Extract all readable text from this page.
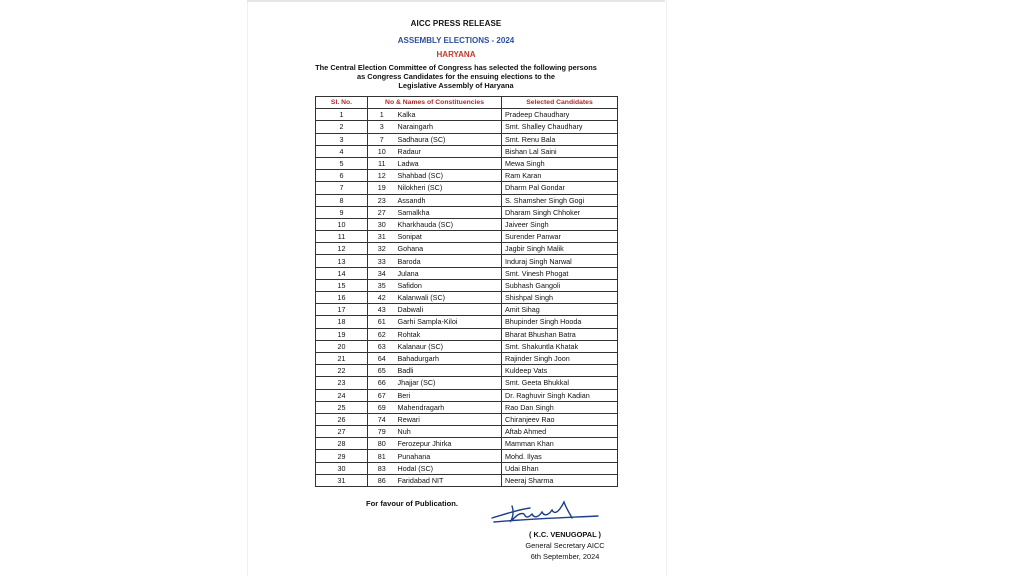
AICC PRESS RELEASE
ASSEMBLY ELECTIONS - 2024
HARYANA
The Central Election Committee of Congress has selected the following persons
as Congress Candidates for the ensuing elections to the
Legislative Assembly of Haryana
Sl. No.	No & Names of Constituencies		Selected Candidates
1	1	Kalka	Pradeep Chaudhary
2	3	Naraingarh	Smt. Shalley Chaudhary
3	7	Sadhaura (SC)	Smt. Renu Bala
4	10	Radaur	Bishan Lal Saini
5	11	Ladwa	Mewa Singh
6	12	Shahbad (SC)	Ram Karan
7	19	Nilokheri (SC)	Dharm Pal Gondar
8	23	Assandh	S. Shamsher Singh Gogi
9	27	Samalkha	Dharam Singh Chhoker
10	30	Kharkhauda (SC)	Jaiveer Singh
11	31	Sonipat	Surender Panwar
12	32	Gohana	Jagbir Singh Malik
13	33	Baroda	Induraj Singh Narwal
14	34	Julana	Smt. Vinesh Phogat
15	35	Safidon	Subhash Gangoli
16	42	Kalanwali (SC)	Shishpal Singh
17	43	Dabwali	Amit Sihag
18	61	Garhi Sampla-Kiloi	Bhupinder Singh Hooda
19	62	Rohtak	Bharat Bhushan Batra
20	63	Kalanaur (SC)	Smt. Shakuntla Khatak
21	64	Bahadurgarh	Rajinder Singh Joon
22	65	Badli	Kuldeep Vats
23	66	Jhajjar (SC)	Smt. Geeta Bhukkal
24	67	Beri	Dr. Raghuvir Singh Kadian
25	69	Mahendragarh	Rao Dan Singh
26	74	Rewari	Chiranjeev Rao
27	79	Nuh	Aftab Ahmed
28	80	Ferozepur Jhirka	Mamman Khan
29	81	Punahana	Mohd. Ilyas
30	83	Hodal (SC)	Udai Bhan
31	86	Faridabad NIT	Neeraj Sharma
For favour of Publication.
( K.C. VENUGOPAL )
General Secretary AICC
6th September, 2024
